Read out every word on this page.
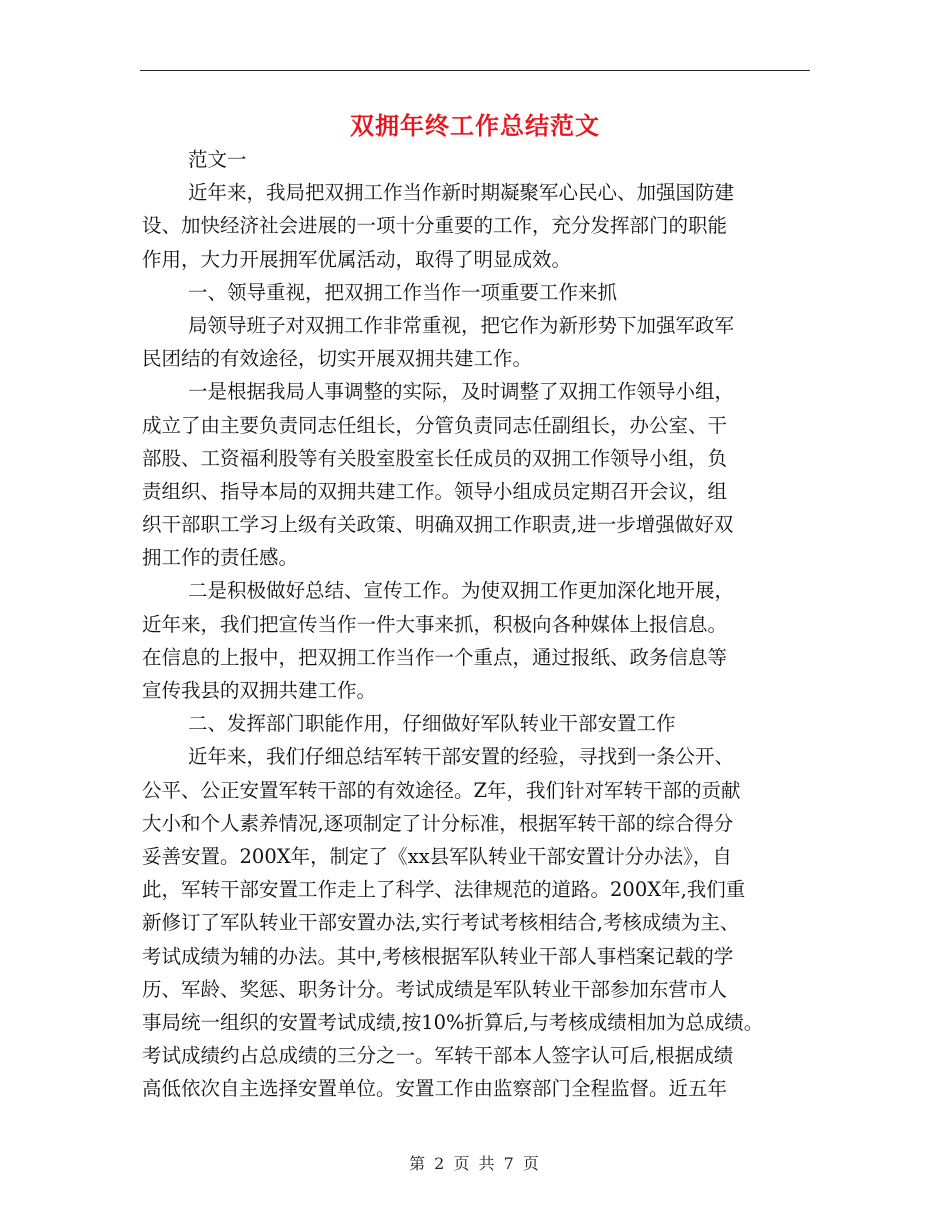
双拥年终工作总结范文
范文一
近年来，我局把双拥工作当作新时期凝聚军心民心、加强国防建
设、加快经济社会进展的一项十分重要的工作，充分发挥部门的职能
作用，大力开展拥军优属活动，取得了明显成效。
一、领导重视，把双拥工作当作一项重要工作来抓
局领导班子对双拥工作非常重视，把它作为新形势下加强军政军
民团结的有效途径，切实开展双拥共建工作。
一是根据我局人事调整的实际，及时调整了双拥工作领导小组，
成立了由主要负责同志任组长，分管负责同志任副组长，办公室、干
部股、工资福利股等有关股室股室长任成员的双拥工作领导小组，负
责组织、指导本局的双拥共建工作。领导小组成员定期召开会议，组
织干部职工学习上级有关政策、明确双拥工作职责,进一步增强做好双
拥工作的责任感。
二是积极做好总结、宣传工作。为使双拥工作更加深化地开展，
近年来，我们把宣传当作一件大事来抓，积极向各种媒体上报信息。
在信息的上报中，把双拥工作当作一个重点，通过报纸、政务信息等
宣传我县的双拥共建工作。
二、发挥部门职能作用，仔细做好军队转业干部安置工作
近年来，我们仔细总结军转干部安置的经验，寻找到一条公开、
公平、公正安置军转干部的有效途径。Z年，我们针对军转干部的贡献
大小和个人素养情况,逐项制定了计分标准，根据军转干部的综合得分
妥善安置。200X年，制定了《xx县军队转业干部安置计分办法》，自
此，军转干部安置工作走上了科学、法律规范的道路。200X年,我们重
新修订了军队转业干部安置办法,实行考试考核相结合,考核成绩为主、
考试成绩为辅的办法。其中,考核根据军队转业干部人事档案记载的学
历、军龄、奖惩、职务计分。考试成绩是军队转业干部参加东营市人
事局统一组织的安置考试成绩,按10%折算后,与考核成绩相加为总成绩。
考试成绩约占总成绩的三分之一。军转干部本人签字认可后,根据成绩
高低依次自主选择安置单位。安置工作由监察部门全程监督。近五年
第 2 页 共 7 页
